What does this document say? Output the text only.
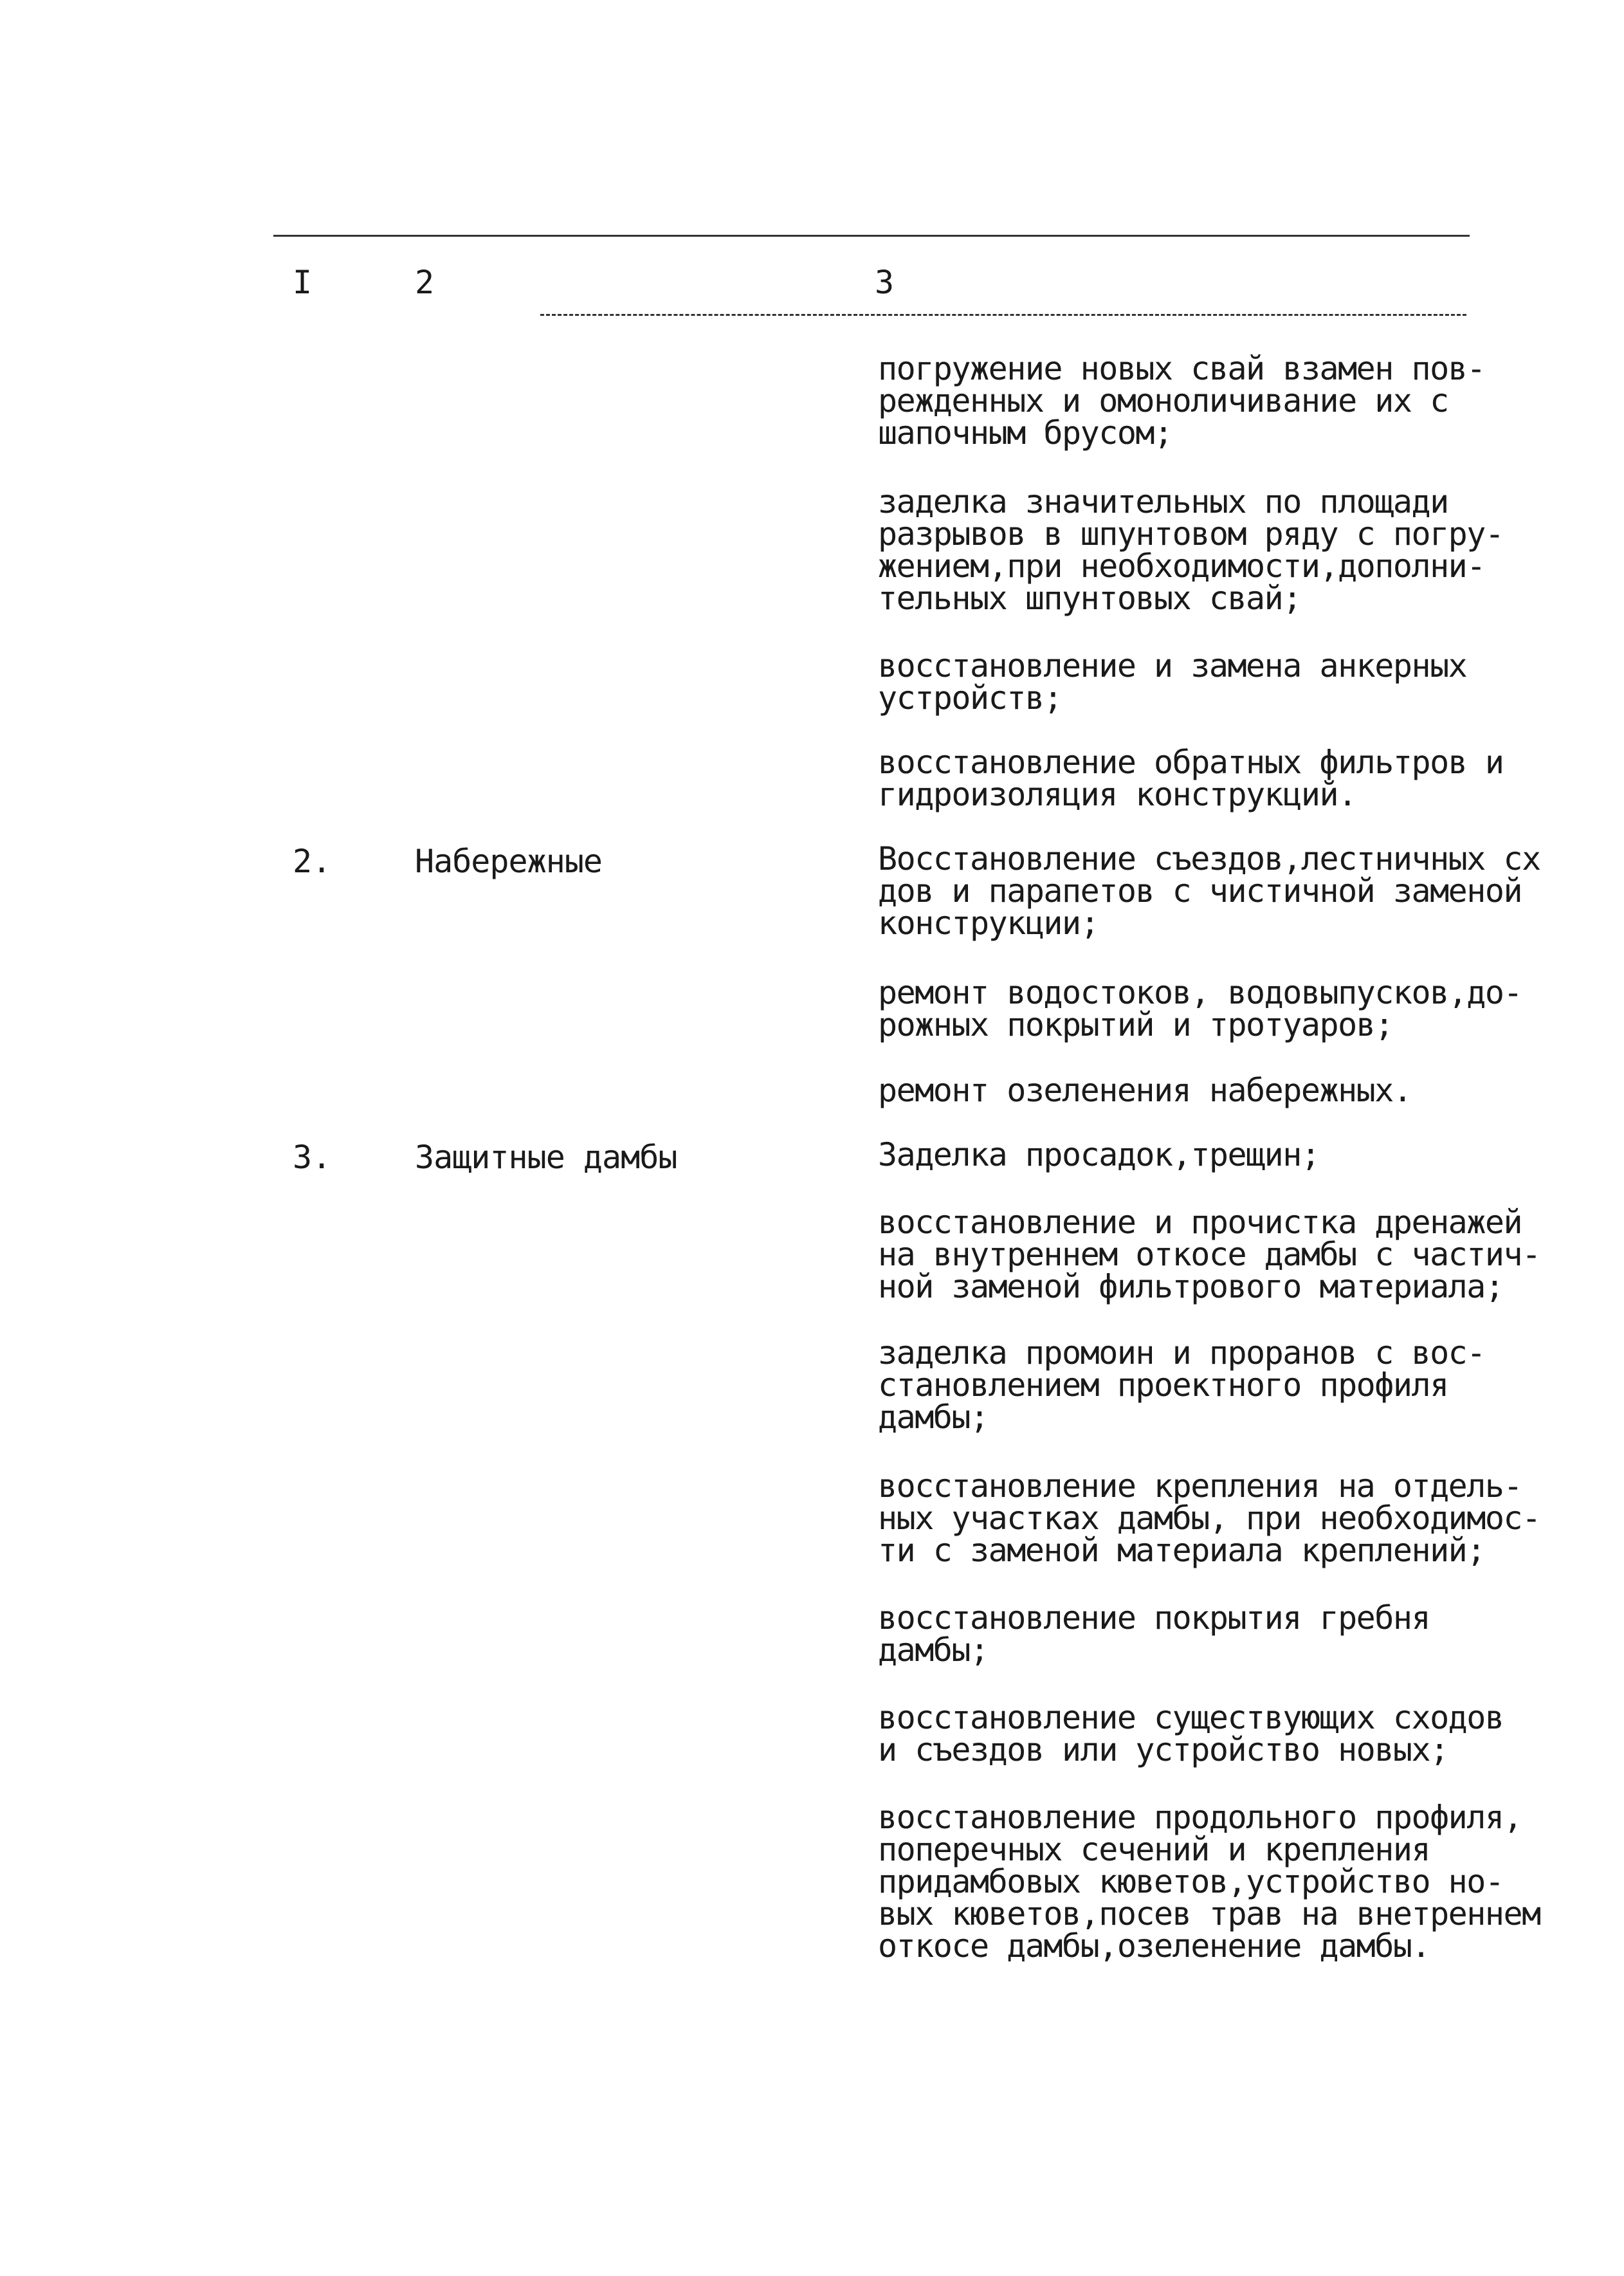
I	2	3
погружение новых свай взамен пов-
режденных и омоноличивание их с
шапочным брусом;
заделка значительных по площади
разрывов в шпунтовом ряду с погру-
жением,при необходимости,дополни-
тельных шпунтовых свай;
восстановление и замена анкерных
устройств;
восстановление обратных фильтров и
гидроизоляция конструкций.
2.	Набережные	Восстановление съездов,лестничных сх
дов и парапетов с чистичной заменой
конструкции;
ремонт водостоков, водовыпусков,до-
рожных покрытий и тротуаров;
ремонт озеленения набережных.
3.	Защитные дамбы	Заделка просадок,трещин;
восстановление и прочистка дренажей
на внутреннем откосе дамбы с частич-
ной заменой фильтрового материала;
заделка промоин и проранов с вос-
становлением проектного профиля
дамбы;
восстановление крепления на отдель-
ных участках дамбы, при необходимос-
ти с заменой материала креплений;
восстановление покрытия гребня
дамбы;
восстановление существующих сходов
и съездов или устройство новых;
восстановление продольного профиля,
поперечных сечений и крепления
придамбовых кюветов,устройство но-
вых кюветов,посев трав на внетреннем
откосе дамбы,озеленение дамбы.
